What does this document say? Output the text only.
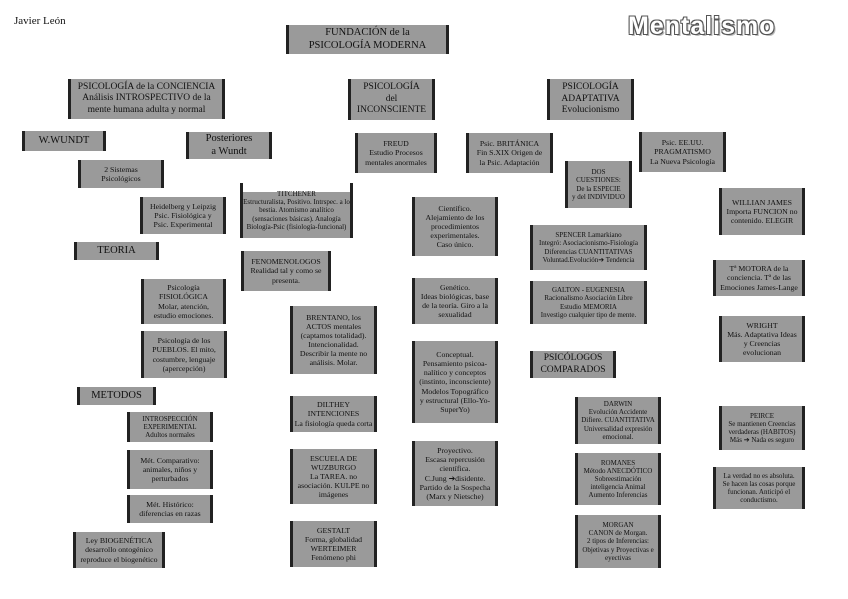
Javier León	Mentalismo
FUNDACIÓN de la
PSICOLOGÍA MODERNA
PSICOLOGÍA de la CONCIENCIA
Análisis INTROSPECTIVO de la
mente humana adulta y normal
PSICOLOGÍA
del
INCONSCIENTE
PSICOLOGÍA
ADAPTATIVA
Evolucionismo
W.WUNDT	Posteriores
a Wundt
2 Sistemas
Psicológicos
Heidelberg y Leipzig
Psic. Fisiológica y
Psic. Experimental
TEORIA
Psicología
FISIOLÓGICA
Molar, atención,
estudio emociones.
Psicología de los
PUEBLOS. El mito,
costumbre, lenguaje
(apercepción)
METODOS
INTROSPECCIÓN
EXPERIMENTAL
Adultos normales
Mét. Comparativo:
animales, niños y
perturbados
Mét. Histórico:
diferencias en razas
Ley BIOGENÉTICA
desarrollo ontogénico
reproduce el biogenético
TITCHENER
Estructuralista, Positivo. Intrspec. a lo
bestia. Atomismo analítico
(sensaciones básicas). Analogía
Biología-Psic (fisiología-funcional)
FENOMENOLOGOS
Realidad tal y como se
presenta.
BRENTANO, los
ACTOS mentales
(captamos totalidad).
Intencionalidad.
Describir la mente no
análisis. Molar.
DILTHEY
INTENCIONES
La fisiología queda corta
ESCUELA DE
WUZBURGO
La TAREA. no
asociación. KULPE no
imágenes
GESTALT
Forma, globalidad
WERTEIMER
Fenómeno phi
FREUD
Estudio Procesos
mentales anormales
Científico.
Alejamiento de los
procedimientos
experimentales.
Caso único.
Genético.
Ideas biológicas, base
de la teoría. Giro a la
sexualidad
Conceptual.
Pensamiento psicoa-
nalítico y conceptos
(instinto, inconsciente)
Modelos Topográfico
y estructural (Ello-Yo-
SuperYo)
Proyectivo.
Escasa repercusión
científica.
C.Jung ➔disidente.
Partido de la Sospecha
(Marx y Nietsche)
Psic. BRITÁNICA
Fin S.XIX Origen de
la Psic. Adaptación
DOS
CUESTIONES:
De la ESPECIE
y del INDIVIDUO
Psic. EE.UU.
PRAGMATISMO
La Nueva Psicología
SPENCER Lamarkiano
Integró: Asociacionismo-Fisiología
Diferencias CUANTITATIVAS
Voluntad.Evolución➔ Tendencia
GALTON - EUGENESIA
Racionalismo Asociación Libre
Estudio MEMORIA
Investigo cualquier tipo de mente.
PSICÓLOGOS
COMPARADOS
DARWIN
Evolución Accidente
Difiere. CUANTITATIVA
Universalidad expresión
emocional.
ROMANES
Método ANECDÓTICO
Sobreestimación
inteligencia Animal
Aumento Inferencias
MORGAN
CANON de Morgan.
2 tipos de Inferencias:
Objetivas y Proyectivas e
eyectivas
WILLIAN JAMES
Importa FUNCION no
contenido. ELEGIR
Tª MOTORA de la
conciencia. Tª de las
Emociones James-Lange
WRIGHT
Más. Adaptativa Ideas
y Creencias
evolucionan
PEIRCE
Se mantienen Creencias
verdaderas (HABITOS)
Más ➔ Nada es seguro
La verdad no es absoluta.
Se hacen las cosas porque
funcionan. Anticipó el
conductismo.
